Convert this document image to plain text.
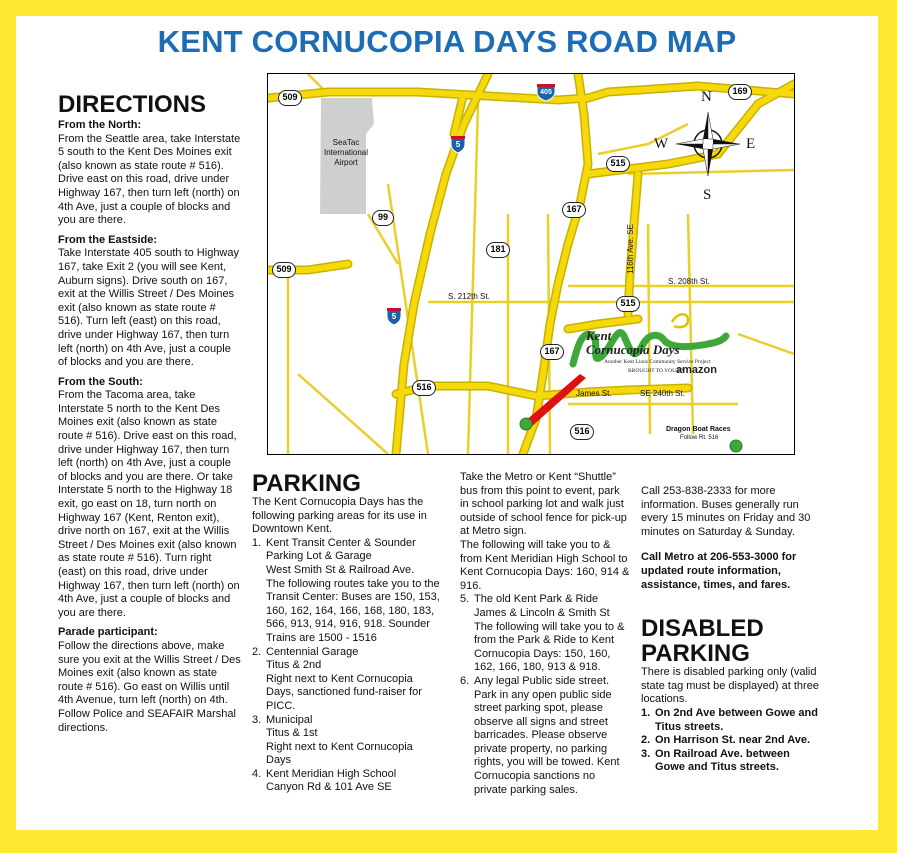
KENT CORNUCOPIA DAYS ROAD MAP
DIRECTIONS
From the North:

From the Seattle area, take Interstate 5 south to the Kent Des Moines exit (also known as state route # 516). Drive east on this road, drive under Highway 167, then turn left (north) on 4th Ave, just a couple of blocks and you are there.

From the Eastside:

Take Interstate 405 south to Highway 167, take Exit 2 (you will see Kent, Auburn signs). Drive south on 167, exit at the Willis Street / Des Moines exit (also known as state route # 516). Turn left (east) on this road, drive under Highway 167, then turn left (north) on 4th Ave, just a couple of blocks and you are there.

From the South:

From the Tacoma area, take Interstate 5 north to the Kent Des Moines exit (also known as state route # 516). Drive east on this road, drive under Highway 167, then turn left (north) on 4th Ave, just a couple of blocks and you are there. Or take Interstate 5 north to the Highway 18 exit, go east on 18, turn north on Highway 167 (Kent, Renton exit), drive north on 167, exit at the Willis Street / Des Moines exit (also known as state route # 516). Turn right (east) on this road, drive under Highway 167, then turn left (north) on 4th Ave, just a couple of blocks and you are there.

Parade participant:

Follow the directions above, make sure you exit at the Willis Street / Des Moines exit (also known as state route # 516). Go east on Willis until 4th Avenue, turn left (north) on 4th. Follow Police and SEAFAIR Marshal directions.

SeaTac International Airport
509
509
99
181
167
167
515
515
516
516
169
5
5
405
S. 212th St.
S. 208th St.
116th Ave. SE
James St.	SE 240th St.
N
S
E
W
Kent
Cornucopia Days
Another Kent Lions Community Service Project
BROUGHT TO YOU BY
amazon
Dragon Boat Races
Follow Rt. 516
PARKING

The Kent Cornucopia Days has the following parking areas for its use in Downtown Kent.

1. Kent Transit Center & Sounder Parking Lot & Garage

West Smith St & Railroad Ave.

The following routes take you to the Transit Center: Buses are 150, 153, 160, 162, 164, 166, 168, 180, 183, 566, 913, 914, 916, 918. Sounder Trains are 1500 - 1516

2. Centennial Garage

Titus & 2nd

Right next to Kent Cornucopia Days, sanctioned fund-raiser for PICC.

3. Municipal

Titus & 1st

Right next to Kent Cornucopia Days

4. Kent Meridian High School

Canyon Rd & 101 Ave SE

Take the Metro or Kent “Shuttle” bus from this point to event, park in school parking lot and walk just outside of school fence for pick-up at Metro sign.

The following will take you to & from Kent Meridian High School to Kent Cornucopia Days: 160, 914 & 916.

5. The old Kent Park & Ride

James & Lincoln & Smith St

The following will take you to & from the Park & Ride to Kent Cornucopia Days: 150, 160, 162, 166, 180, 913 & 918.

6. Any legal Public side street. Park in any open public side street parking spot, please observe all signs and street barricades. Please observe private property, no parking rights, you will be towed. Kent Cornucopia sanctions no private parking sales.

Call 253-838-2333 for more information. Buses generally run every 15 minutes on Friday and 30 minutes on Saturday & Sunday.

Call Metro at 206-553-3000 for updated route information, assistance, times, and fares.

DISABLED
PARKING

There is disabled parking only (valid state tag must be displayed) at three locations.

1. On 2nd Ave between Gowe and Titus streets.
2. On Harrison St. near 2nd Ave.
3. On Railroad Ave. between Gowe and Titus streets.
